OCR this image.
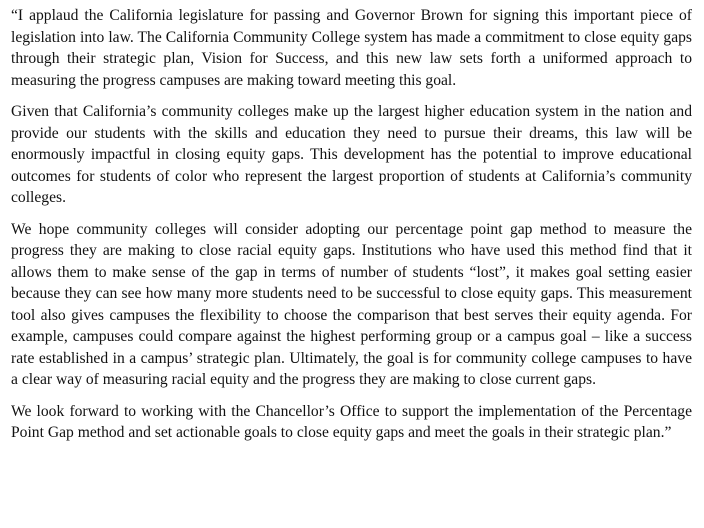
“I applaud the California legislature for passing and Governor Brown for signing this important piece of legislation into law. The California Community College system has made a commitment to close equity gaps through their strategic plan, Vision for Success, and this new law sets forth a uniformed approach to measuring the progress campuses are making toward meeting this goal.

Given that California’s community colleges make up the largest higher education system in the nation and provide our students with the skills and education they need to pursue their dreams, this law will be enormously impactful in closing equity gaps. This development has the potential to improve educational outcomes for students of color who represent the largest proportion of students at California’s community colleges.

We hope community colleges will consider adopting our percentage point gap method to measure the progress they are making to close racial equity gaps. Institutions who have used this method find that it allows them to make sense of the gap in terms of number of students “lost”, it makes goal setting easier because they can see how many more students need to be successful to close equity gaps. This measurement tool also gives campuses the flexibility to choose the comparison that best serves their equity agenda. For example, campuses could compare against the highest performing group or a campus goal – like a success rate established in a campus’ strategic plan. Ultimately, the goal is for community college campuses to have a clear way of measuring racial equity and the progress they are making to close current gaps.

We look forward to working with the Chancellor’s Office to support the implementation of the Percentage Point Gap method and set actionable goals to close equity gaps and meet the goals in their strategic plan.”
